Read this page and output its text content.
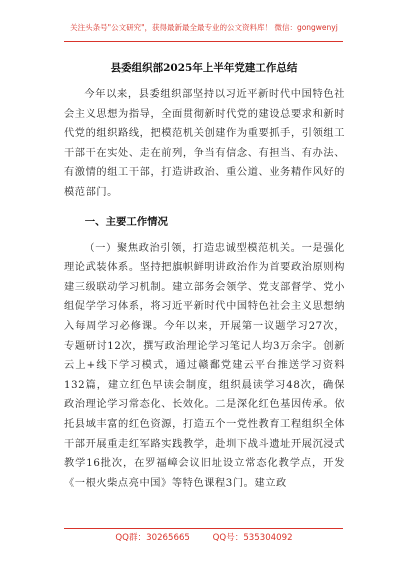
关注头条号"公文研究"，获得最新最全最专业的公文资料库！ 微信：gongwenyj
县委组织部2025年上半年党建工作总结

今年以来，县委组织部坚持以习近平新时代中国特色社会主义思想为指导，全面贯彻新时代党的建设总要求和新时代党的组织路线，把模范机关创建作为重要抓手，引领组工干部干在实处、走在前列，争当有信念、有担当、有办法、有激情的组工干部，打造讲政治、重公道、业务精作风好的模范部门。

一、主要工作情况

（一）聚焦政治引领，打造忠诚型模范机关。一是强化理论武装体系。坚持把旗帜鲜明讲政治作为首要政治原则构建三级联动学习机制。建立部务会领学、党支部督学、党小组促学学习体系，将习近平新时代中国特色社会主义思想纳入每周学习必修课。今年以来，开展第一议题学习27次，专题研讨12次，撰写政治理论学习笔记人均3万余字。创新云上+线下学习模式，通过赣鄱党建云平台推送学习资料132篇，建立红色早读会制度，组织晨读学习48次，确保政治理论学习常态化、长效化。二是深化红色基因传承。依托县域丰富的红色资源，打造五个一党性教育工程组织全体干部开展重走红军路实践教学，赴圳下战斗遗址开展沉浸式教学16批次，在罗福嶂会议旧址设立常态化教学点，开发《一根火柴点亮中国》等特色课程3门。建立政

QQ群：30265665	QQ号：535304092
